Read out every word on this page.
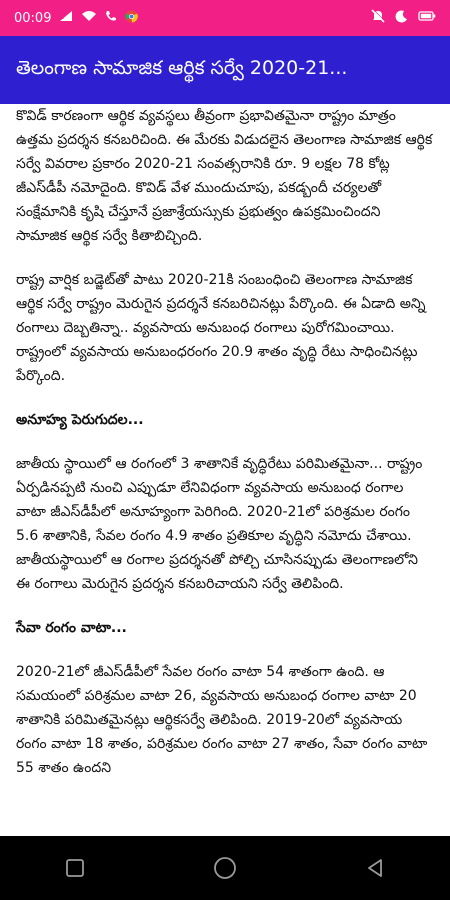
00:09 1
తెలంగాణ సామాజిక ఆర్థిక సర్వే 2020-21...

కొవిడ్ కారణంగా ఆర్థిక వ్యవస్థలు తీవ్రంగా ప్రభావితమైనా రాష్ట్రం మాత్రం ఉత్తమ ప్రదర్శన కనబరిచింది. ఈ మేరకు విడుదలైన తెలంగాణ సామాజిక ఆర్థిక సర్వే వివరాల ప్రకారం 2020-21 సంవత్సరానికి రూ. 9 లక్షల 78 కోట్ల జీఎస్‌డీపీ నమోదైంది. కొవిడ్ వేళ ముందుచూపు, పకడ్బందీ చర్యలతో సంక్షేమానికి కృషి చేస్తూనే ప్రజాశ్రేయస్సుకు ప్రభుత్వం ఉపక్రమించిందని సామాజిక ఆర్థిక సర్వే కితాబిచ్చింది.

రాష్ట్ర వార్షిక బడ్జెట్‌తో పాటు 2020-21కి సంబంధించి తెలంగాణ సామాజిక ఆర్థిక సర్వే రాష్ట్రం మెరుగైన ప్రదర్శనే కనబరిచినట్లు పేర్కొంది. ఈ ఏడాది అన్ని రంగాలు దెబ్బతిన్నా.. వ్యవసాయ అనుబంధ రంగాలు పురోగమించాయి. రాష్ట్రంలో వ్యవసాయ అనుబంధరంగం 20.9 శాతం వృద్ధి రేటు సాధించినట్లు పేర్కొంది.

అనూహ్య పెరుగుదల...

జాతీయ స్థాయిలో ఆ రంగంలో 3 శాతానికే వృద్ధిరేటు పరిమితమైనా... రాష్ట్రం ఏర్పడినప్పటి నుంచి ఎప్పుడూ లేనివిధంగా వ్యవసాయ అనుబంధ రంగాల వాటా జీఎస్‌డీపీలో అనూహ్యంగా పెరిగింది. 2020-21లో పరిశ్రమల రంగం 5.6 శాతానికి, సేవల రంగం 4.9 శాతం ప్రతికూల వృద్ధిని నమోదు చేశాయి. జాతీయస్థాయిలో ఆ రంగాల ప్రదర్శనతో పోల్చి చూసినప్పుడు తెలంగాణలోని ఈ రంగాలు మెరుగైన ప్రదర్శన కనబరిచాయని సర్వే తెలిపింది.

సేవా రంగం వాటా...

2020-21లో జీఎస్‌డీపీలో సేవల రంగం వాటా 54 శాతంగా ఉంది. ఆ సమయంలో పరిశ్రమల వాటా 26, వ్యవసాయ అనుబంధ రంగాల వాటా 20 శాతానికి పరిమితమైనట్లు ఆర్థికసర్వే తెలిపింది. 2019-20లో వ్యవసాయ రంగం వాటా 18 శాతం, పరిశ్రమల రంగం వాటా 27 శాతం, సేవా రంగం వాటా 55 శాతం ఉందని
